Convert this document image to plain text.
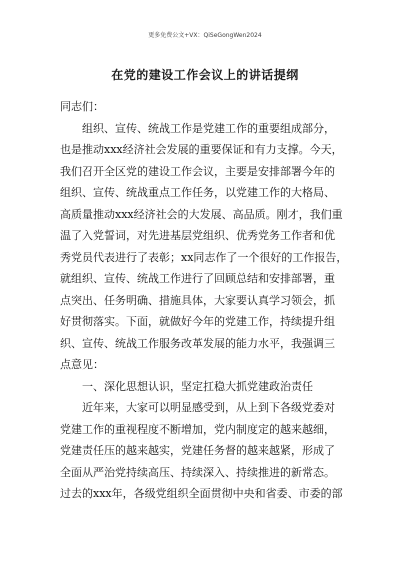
更多免费公文+VX：QiSeGongWen2024
在党的建设工作会议上的讲话提纲
同志们：
组织、宣传、统战工作是党建工作的重要组成部分，
也是推动xxx经济社会发展的重要保证和有力支撑。今天，
我们召开全区党的建设工作会议，主要是安排部署今年的
组织、宣传、统战重点工作任务，以党建工作的大格局、
高质量推动xxx经济社会的大发展、高品质。刚才，我们重
温了入党誓词，对先进基层党组织、优秀党务工作者和优
秀党员代表进行了表彰；xx同志作了一个很好的工作报告，
就组织、宣传、统战工作进行了回顾总结和安排部署，重
点突出、任务明确、措施具体，大家要认真学习领会，抓
好贯彻落实。下面，就做好今年的党建工作，持续提升组
织、宣传、统战工作服务改革发展的能力水平，我强调三
点意见：
一、深化思想认识，坚定扛稳大抓党建政治责任
近年来，大家可以明显感受到，从上到下各级党委对
党建工作的重视程度不断增加，党内制度定的越来越细，
党建责任压的越来越实，党建任务督的越来越紧，形成了
全面从严治党持续高压、持续深入、持续推进的新常态。
过去的xxx年，各级党组织全面贯彻中央和省委、市委的部
